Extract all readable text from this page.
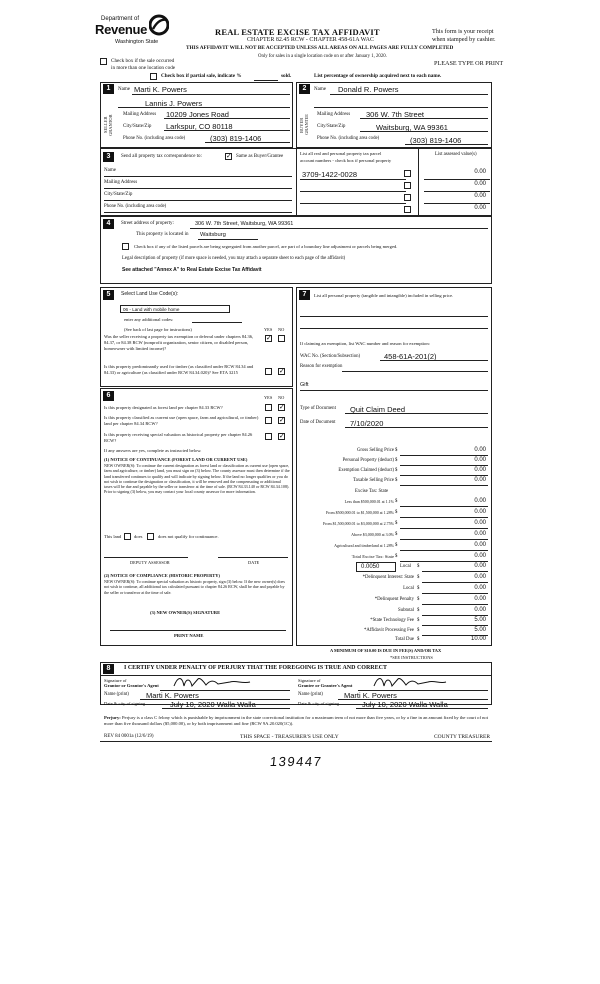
Department of
Revenue
Washington State
REAL ESTATE EXCISE TAX AFFIDAVIT
CHAPTER 82.45 RCW - CHAPTER 458-61A WAC
THIS AFFIDAVIT WILL NOT BE ACCEPTED UNLESS ALL AREAS ON ALL PAGES ARE FULLY COMPLETED
This form is your receipt
when stamped by cashier.
Check box if the sale occurred
in more than one location code
Only for sales in a single location code on or after January 1, 2020.
PLEASE TYPE OR PRINT
Check box if partial sale, indicate %	sold.	List percentage of ownership acquired next to each name.
1
SELLER GRANTOR
Name Marti K. Powers
Lannis J. Powers
Mailing Address 10209 Jones Road
City/State/Zip Larkspur, CO 80118
Phone No. (including area code)	(303) 819-1406
2
BUYER GRANTEE
Name Donald R. Powers
Mailing Address 306 W. 7th Street
City/State/Zip	Waitsburg, WA 99361
Phone No. (including area code)	(303) 819-1406
3	Send all property tax correspondence to:
✓	Same as Buyer/Grantee
Name
Mailing Address
City/State/Zip
Phone No. (including area code)
List all real and personal property tax parcel
account numbers - check box if personal property
List assessed value(s)
3709-1422-0028	0.00
0.00
0.00
0.00
4	Street address of property:	306 W. 7th Street, Waitsburg, WA 99361
This property is located in Waitsburg
Check box if any of the listed parcels are being segregated from another parcel, are part of a boundary line adjustment or parcels being merged.
Legal description of property (if more space is needed, you may attach a separate sheet to each page of the affidavit)
See attached "Annex A" to Real Estate Excise Tax Affidavit
5	Select Land Use Code(s):
06 - Land with mobile home
enter any additional codes:
(See back of last page for instructions)	YES NO
Was the seller receiving a property tax exemption or deferral under chapters 84.36, 84.37, or 84.38 RCW (nonprofit organization, senior citizen, or disabled person, homeowner with limited income)?
✓
Is this property predominantly used for timber (as classified under RCW 84.34 and 84.33) or agriculture (as classified under RCW 84.34.020)? See ETA 3215
✓
6	YES NO
Is this property designated as forest land per chapter 84.33 RCW?
✓
Is this property classified as current use (open space, farm and agricultural, or timber) land per chapter 84.34 RCW?
✓
Is this property receiving special valuation as historical property per chapter 84.26 RCW?
✓
If any answers are yes, complete as instructed below.
(1) NOTICE OF CONTINUANCE (FOREST LAND OR CURRENT USE)
NEW OWNER(S): To continue the current designation as forest land or classification as current use (open space, farm and agriculture, or timber) land, you must sign on (3) below. The county assessor must then determine if the land transferred continues to qualify and will indicate by signing below. If the land no longer qualifies or you do not wish to continue the designation or classification, it will be removed and the compensating or additional taxes will be due and payable by the seller or transferor at the time of sale. (RCW 84.33.140 or RCW 84.34.108). Prior to signing (3) below, you may contact your local county assessor for more information.
This land	does	does not qualify for continuance.
DEPUTY ASSESSOR	DATE
(2) NOTICE OF COMPLIANCE (HISTORIC PROPERTY)
NEW OWNER(S): To continue special valuation as historic property, sign (3) below. If the new owner(s) does not wish to continue, all additional tax calculated pursuant to chapter 84.26 RCW, shall be due and payable by the seller or transferor at the time of sale.
(3) NEW OWNER(S) SIGNATURE
PRINT NAME
7	List all personal property (tangible and intangible) included in selling price.
If claiming an exemption, list WAC number and reason for exemption:
WAC No. (Section/Subsection)	458-61A-201(2)
Reason for exemption
Gift
Type of Document Quit Claim Deed
Date of Document 7/10/2020
Gross Selling Price $	0.00
Personal Property (deduct) $	0.00
Exemption Claimed (deduct) $	0.00
Taxable Selling Price $	0.00
Excise Tax: State
Less than $500,000.01 at 1.1% $	0.00
From $500,000.01 to $1,500,000 at 1.28% $	0.00
From $1,500,000.01 to $3,000,000 at 2.75% $	0.00
Above $3,000,000 at 3.0% $	0.00
Agricultural and timberland at 1.28% $	0.00
Total Excise Tax: State $	0.00
0.0050	Local $	0.00
*Delinquent Interest: State $	0.00
Local $	0.00
*Delinquent Penalty $	0.00
Subtotal $	0.00
*State Technology Fee $	5.00
*Affidavit Processing Fee $	5.00
Total Due $	10.00
A MINIMUM OF $10.00 IS DUE IN FEE(S) AND/OR TAX
*SEE INSTRUCTIONS
8	I CERTIFY UNDER PENALTY OF PERJURY THAT THE FOREGOING IS TRUE AND CORRECT
Signature of
Grantor or Grantor's Agent
Name (print) Marti K. Powers
Date & city of signing	July 10, 2020 Walla Walla
Signature of
Grantee or Grantee's Agent
Name (print)	Marti K. Powers
Date & city of signing	July 10, 2020 Walla Walla
Perjury: Perjury is a class C felony which is punishable by imprisonment in the state correctional institution for a maximum term of not more than five years, or by a fine in an amount fixed by the court of not more than five thousand dollars ($5,000.00), or by both imprisonment and fine (RCW 9A.20.020(1C)).
REV 84 0001a (12/6/19)	THIS SPACE - TREASURER'S USE ONLY	COUNTY TREASURER
139447
